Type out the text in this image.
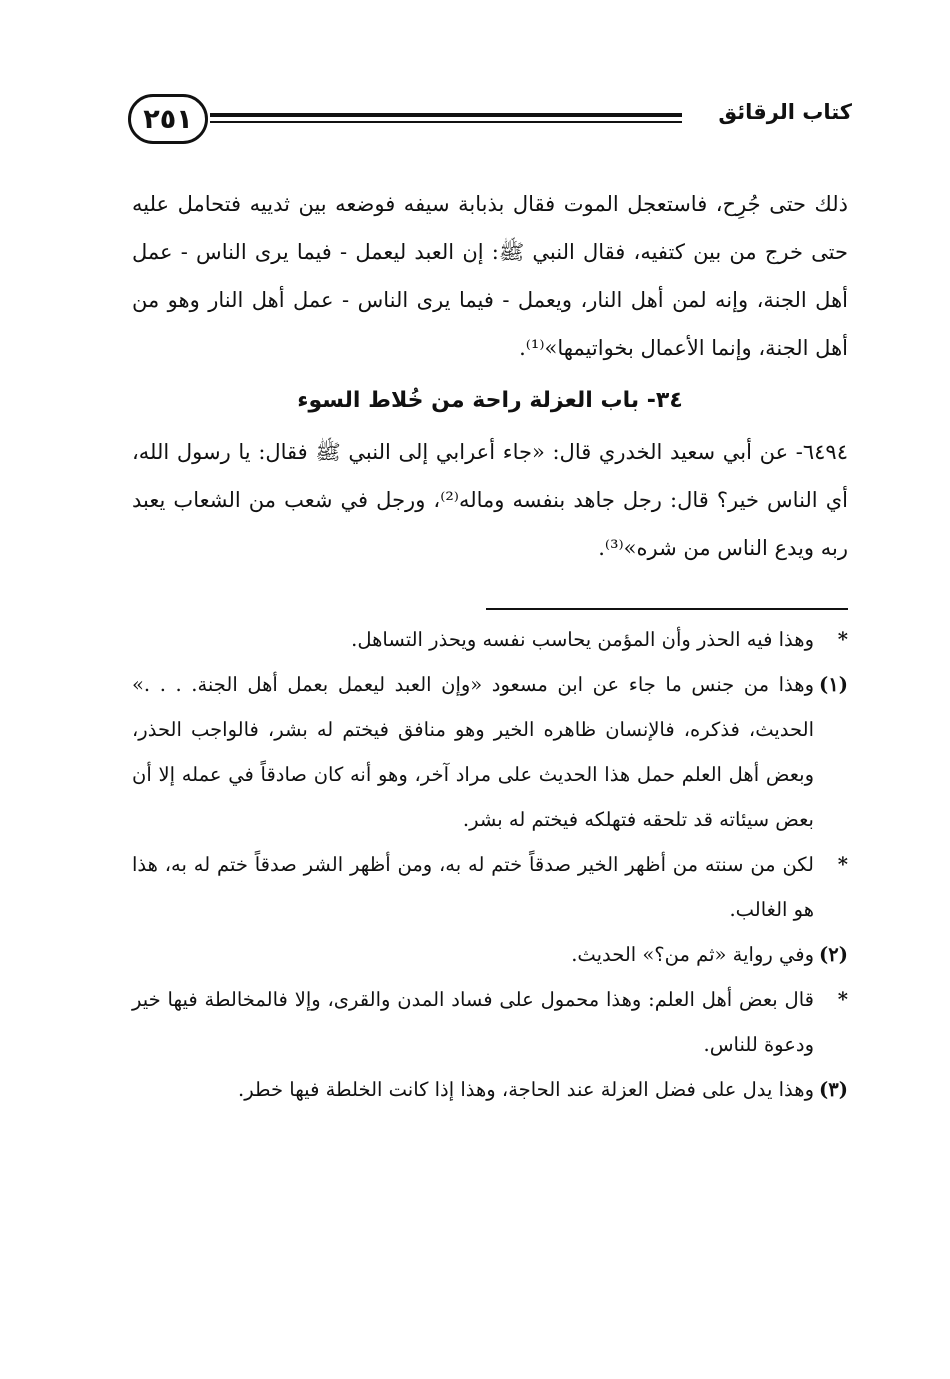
٢٥١	كتاب الرقائق

ذلك حتى جُرِح، فاستعجل الموت فقال بذبابة سيفه فوضعه بين ثدييه فتحامل عليه حتى خرج من بين كتفيه، فقال النبي ﷺ: إن العبد ليعمل - فيما يرى الناس - عمل أهل الجنة، وإنه لمن أهل النار، ويعمل - فيما يرى الناس - عمل أهل النار وهو من أهل الجنة، وإنما الأعمال بخواتيمها»⁽¹⁾.

٣٤- باب العزلة راحة من خُلاط السوء

٦٤٩٤- عن أبي سعيد الخدري قال: «جاء أعرابي إلى النبي ﷺ فقال: يا رسول الله، أي الناس خير؟ قال: رجل جاهد بنفسه وماله⁽²⁾، ورجل في شعب من الشعاب يعبد ربه ويدع الناس من شره»⁽³⁾.

*
وهذا فيه الحذر وأن المؤمن يحاسب نفسه ويحذر التساهل.
(١)
وهذا من جنس ما جاء عن ابن مسعود «وإن العبد ليعمل بعمل أهل الجنة. . . .» الحديث، فذكره، فالإنسان ظاهره الخير وهو منافق فيختم له بشر، فالواجب الحذر، وبعض أهل العلم حمل هذا الحديث على مراد آخر، وهو أنه كان صادقاً في عمله إلا أن بعض سيئاته قد تلحقه فتهلكه فيختم له بشر.
*
لكن من سنته من أظهر الخير صدقاً ختم له به، ومن أظهر الشر صدقاً ختم له به، هذا هو الغالب.
(٢)
وفي رواية «ثم من؟» الحديث.
*
قال بعض أهل العلم: وهذا محمول على فساد المدن والقرى، وإلا فالمخالطة فيها خير ودعوة للناس.
(٣)
وهذا يدل على فضل العزلة عند الحاجة، وهذا إذا كانت الخلطة فيها خطر.
